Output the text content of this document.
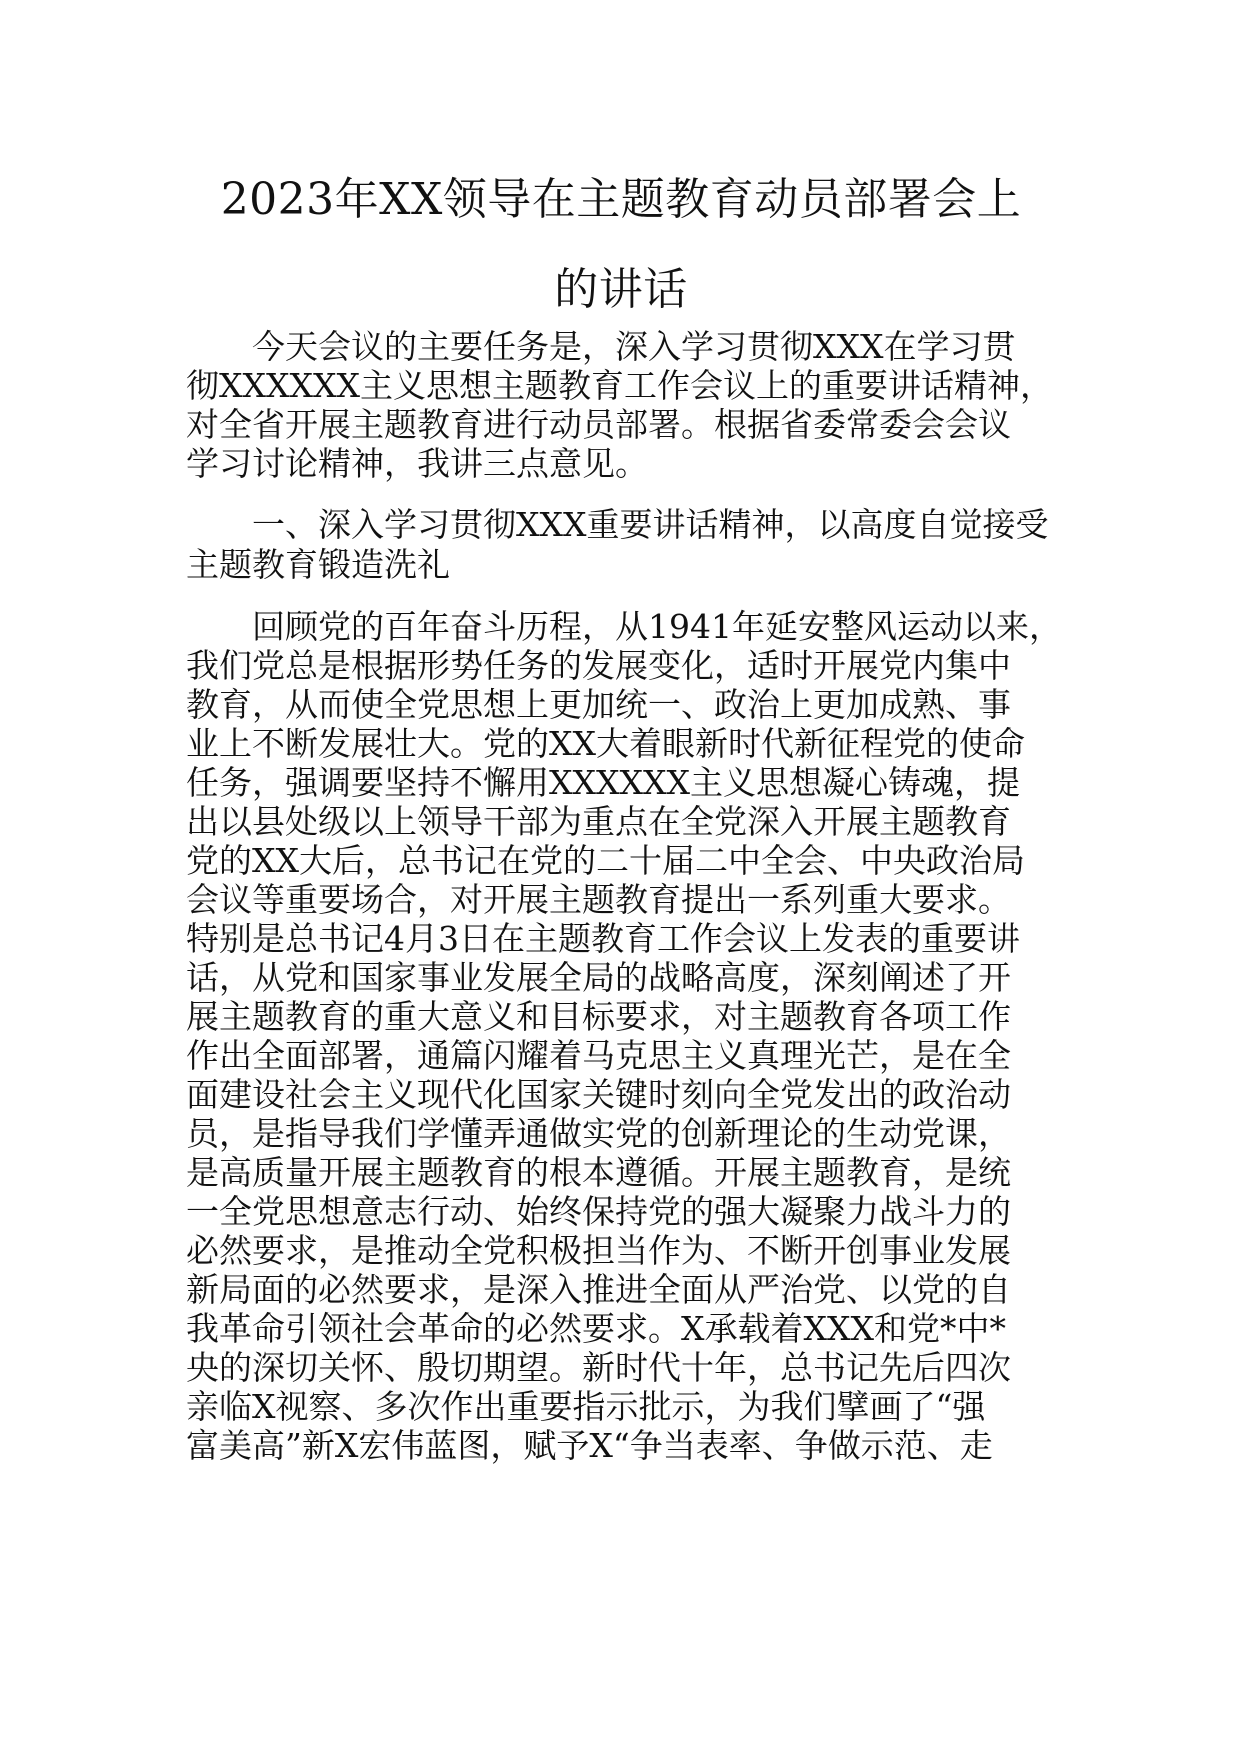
2023年XX领导在主题教育动员部署会上
的讲话

今天会议的主要任务是，深入学习贯彻XXX在学习贯

彻XXXXXX主义思想主题教育工作会议上的重要讲话精神，

对全省开展主题教育进行动员部署。根据省委常委会会议

学习讨论精神，我讲三点意见。

一、深入学习贯彻XXX重要讲话精神，以高度自觉接受

主题教育锻造洗礼

回顾党的百年奋斗历程，从1941年延安整风运动以来，

我们党总是根据形势任务的发展变化，适时开展党内集中

教育，从而使全党思想上更加统一、政治上更加成熟、事

业上不断发展壮大。党的XX大着眼新时代新征程党的使命

任务，强调要坚持不懈用XXXXXX主义思想凝心铸魂，提

出以县处级以上领导干部为重点在全党深入开展主题教育

党的XX大后，总书记在党的二十届二中全会、中央政治局

会议等重要场合，对开展主题教育提出一系列重大要求。

特别是总书记4月3日在主题教育工作会议上发表的重要讲

话，从党和国家事业发展全局的战略高度，深刻阐述了开

展主题教育的重大意义和目标要求，对主题教育各项工作

作出全面部署，通篇闪耀着马克思主义真理光芒，是在全

面建设社会主义现代化国家关键时刻向全党发出的政治动

员，是指导我们学懂弄通做实党的创新理论的生动党课，

是高质量开展主题教育的根本遵循。开展主题教育，是统

一全党思想意志行动、始终保持党的强大凝聚力战斗力的

必然要求，是推动全党积极担当作为、不断开创事业发展

新局面的必然要求，是深入推进全面从严治党、以党的自

我革命引领社会革命的必然要求。X承载着XXX和党*中*

央的深切关怀、殷切期望。新时代十年，总书记先后四次

亲临X视察、多次作出重要指示批示，为我们擘画了“强

富美高”新X宏伟蓝图，赋予X“争当表率、争做示范、走
